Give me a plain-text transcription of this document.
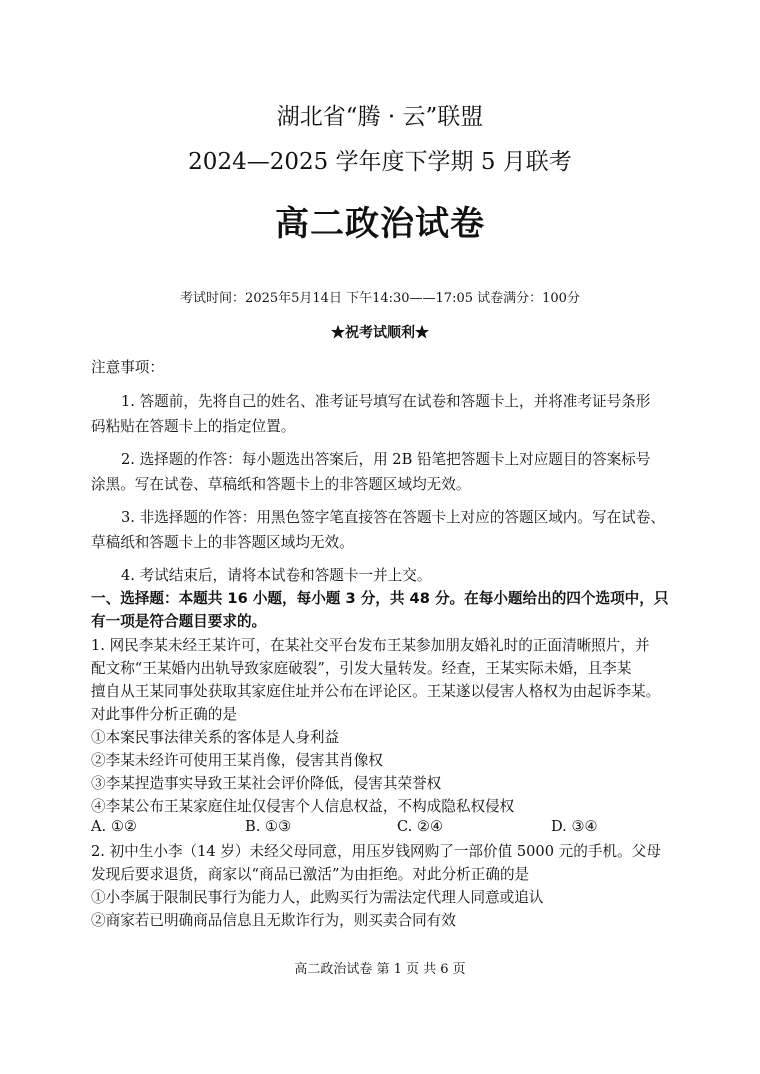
湖北省“腾 · 云”联盟
2024—2025 学年度下学期 5 月联考
高二政治试卷
考试时间：2025年5月14日 下午14:30——17:05 试卷满分：100分
★祝考试顺利★
注意事项：
1. 答题前，先将自己的姓名、准考证号填写在试卷和答题卡上，并将准考证号条形
码粘贴在答题卡上的指定位置。
2. 选择题的作答：每小题选出答案后，用 2B 铅笔把答题卡上对应题目的答案标号
涂黑。写在试卷、草稿纸和答题卡上的非答题区域均无效。
3. 非选择题的作答：用黑色签字笔直接答在答题卡上对应的答题区域内。写在试卷、
草稿纸和答题卡上的非答题区域均无效。
4. 考试结束后，请将本试卷和答题卡一并上交。
一、选择题：本题共 16 小题，每小题 3 分，共 48 分。在每小题给出的四个选项中，只
有一项是符合题目要求的。
1. 网民李某未经王某许可，在某社交平台发布王某参加朋友婚礼时的正面清晰照片，并
配文称“王某婚内出轨导致家庭破裂”，引发大量转发。经查，王某实际未婚，且李某
擅自从王某同事处获取其家庭住址并公布在评论区。王某遂以侵害人格权为由起诉李某。
对此事件分析正确的是
①本案民事法律关系的客体是人身利益
②李某未经许可使用王某肖像，侵害其肖像权
③李某捏造事实导致王某社会评价降低，侵害其荣誉权
④李某公布王某家庭住址仅侵害个人信息权益，不构成隐私权侵权
A. ①②	B. ①③	C. ②④	D. ③④
2. 初中生小李（14 岁）未经父母同意，用压岁钱网购了一部价值 5000 元的手机。父母
发现后要求退货，商家以“商品已激活”为由拒绝。对此分析正确的是
①小李属于限制民事行为能力人，此购买行为需法定代理人同意或追认
②商家若已明确商品信息且无欺诈行为，则买卖合同有效
高二政治试卷 第 1 页 共 6 页
